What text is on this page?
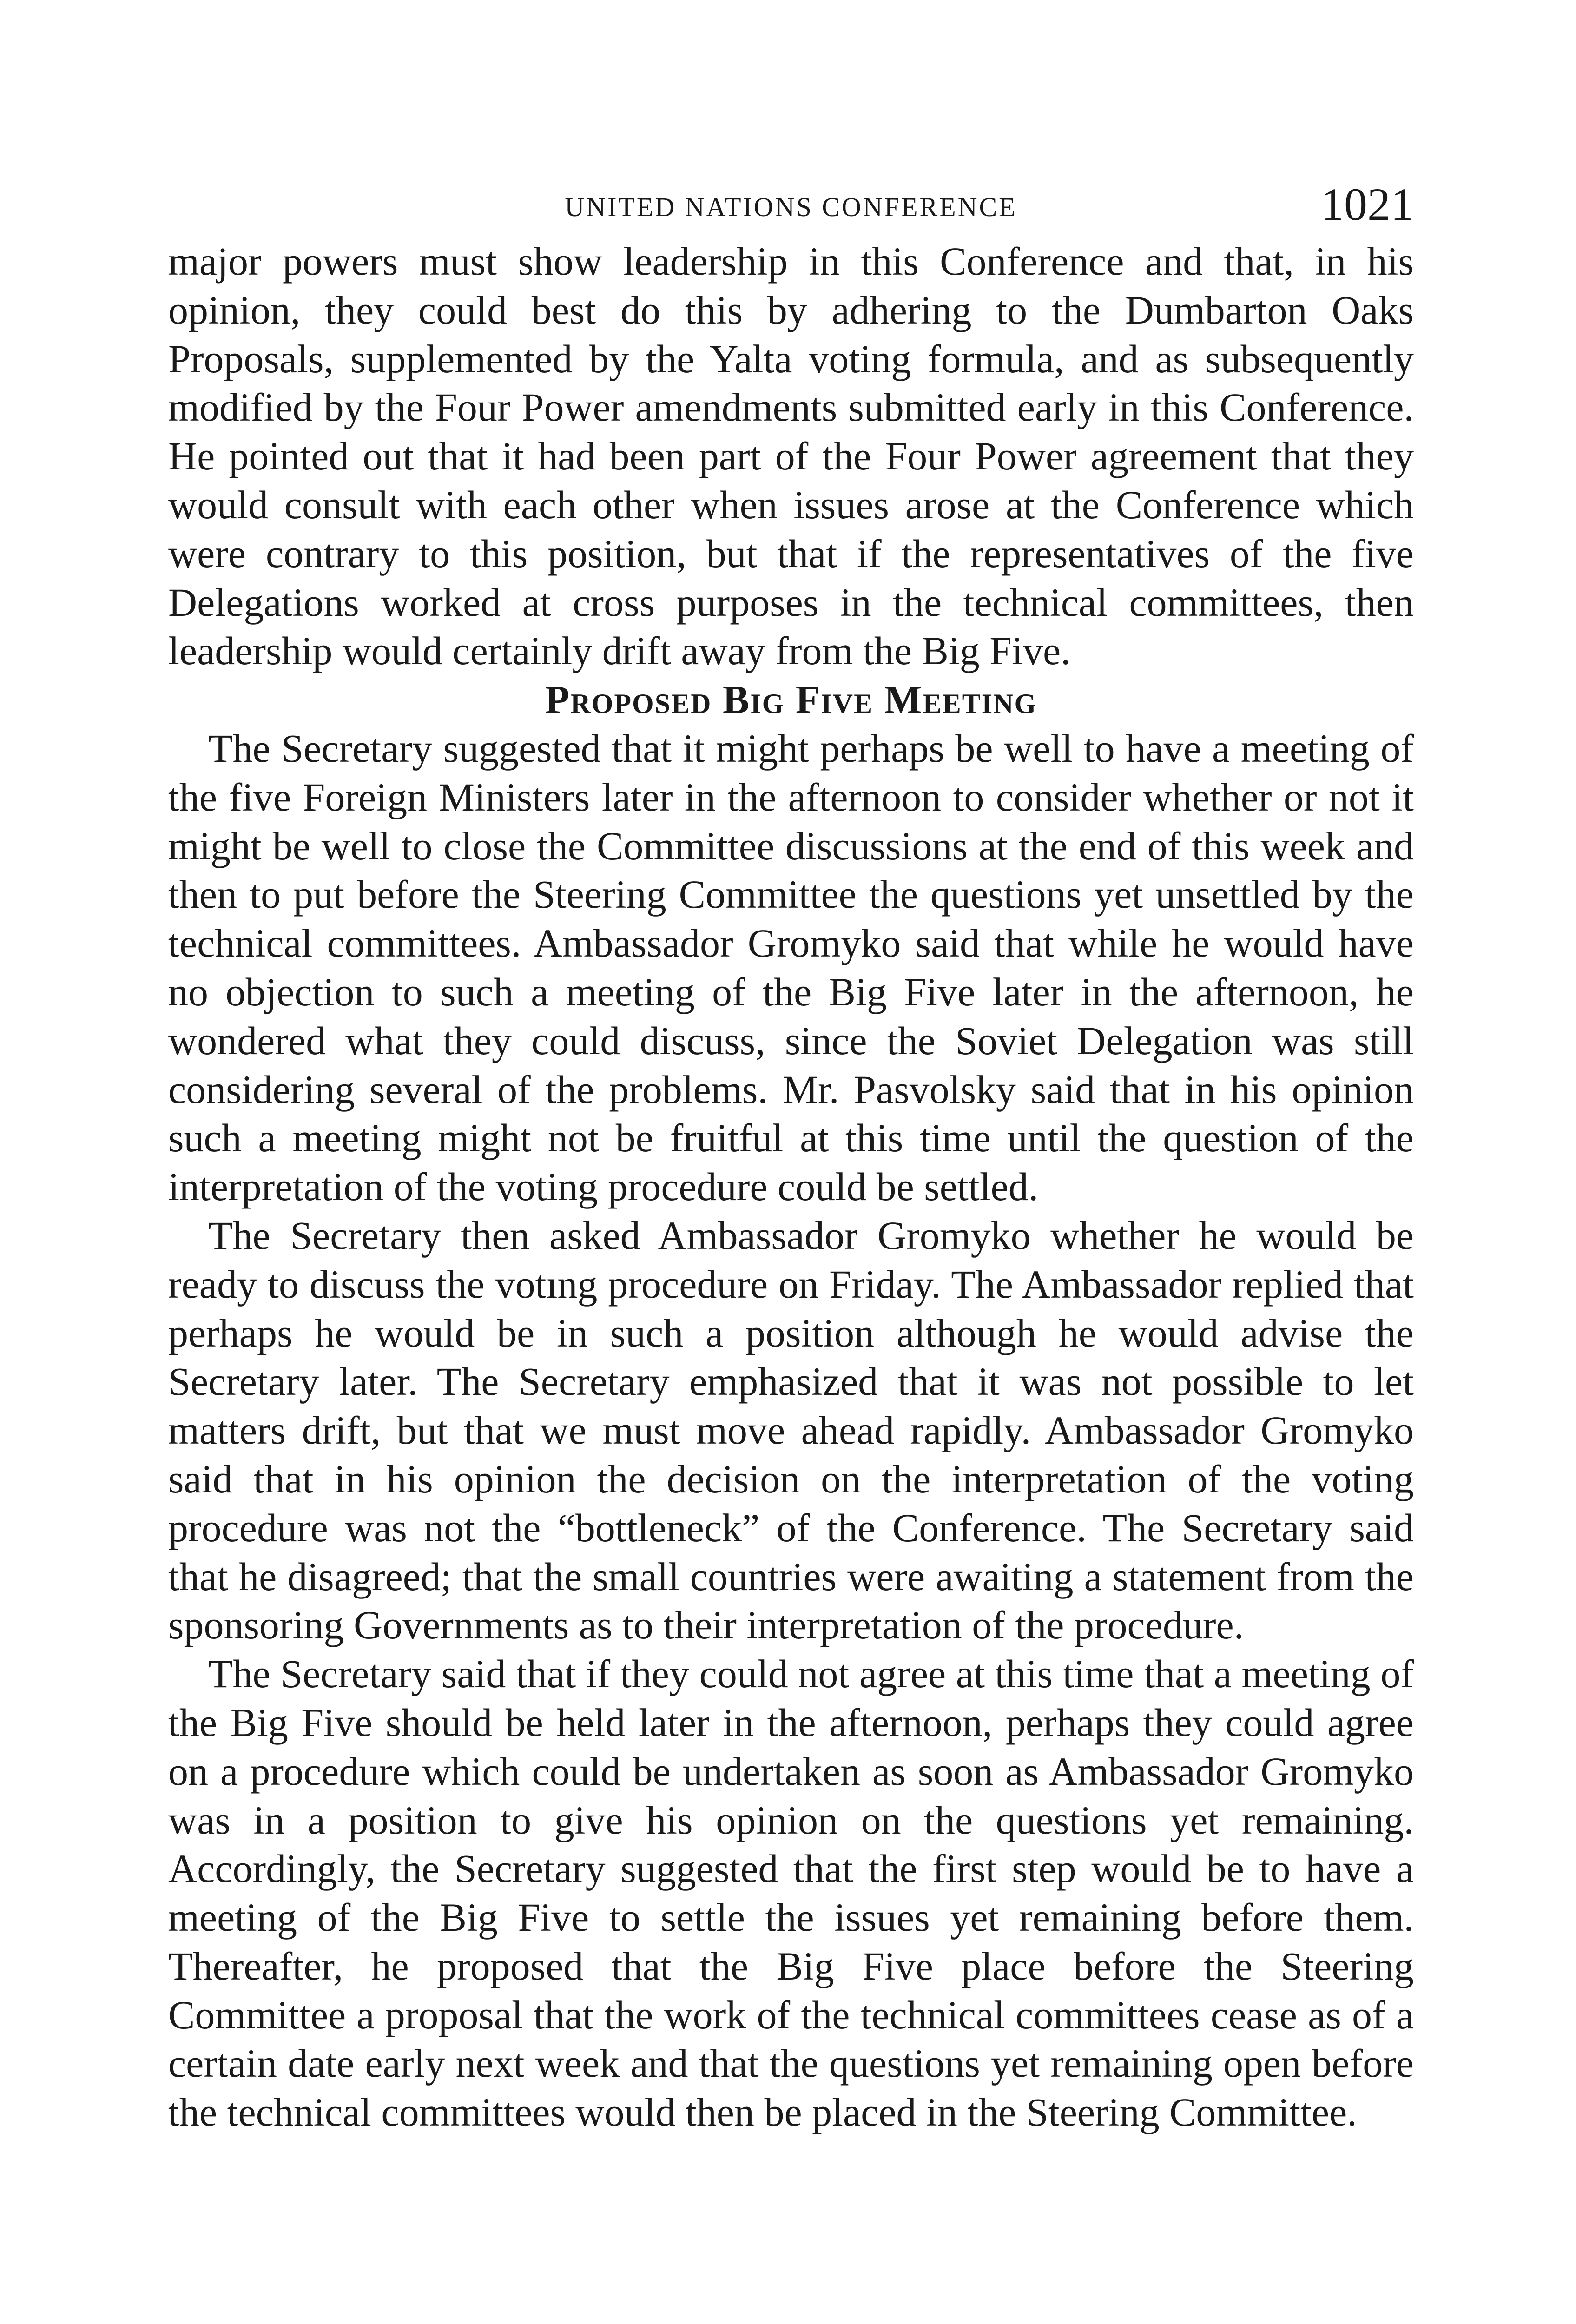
UNITED NATIONS CONFERENCE	1021

major powers must show leadership in this Conference and that, in his opinion, they could best do this by adhering to the Dumbarton Oaks Proposals, supplemented by the Yalta voting formula, and as subsequently modified by the Four Power amendments submitted early in this Conference. He pointed out that it had been part of the Four Power agreement that they would consult with each other when issues arose at the Conference which were contrary to this position, but that if the representatives of the five Delegations worked at cross purposes in the technical committees, then leadership would certainly drift away from the Big Five.

Proposed Big Five Meeting

The Secretary suggested that it might perhaps be well to have a meeting of the five Foreign Ministers later in the afternoon to consider whether or not it might be well to close the Committee discussions at the end of this week and then to put before the Steering Committee the questions yet unsettled by the technical committees. Ambassador Gromyko said that while he would have no objection to such a meeting of the Big Five later in the afternoon, he wondered what they could discuss, since the Soviet Delegation was still considering several of the problems. Mr. Pasvolsky said that in his opinion such a meeting might not be fruitful at this time until the question of the interpretation of the voting procedure could be settled.

The Secretary then asked Ambassador Gromyko whether he would be ready to discuss the votıng procedure on Friday. The Ambassador replied that perhaps he would be in such a position although he would advise the Secretary later. The Secretary emphasized that it was not possible to let matters drift, but that we must move ahead rapidly. Ambassador Gromyko said that in his opinion the decision on the interpretation of the voting procedure was not the “bottleneck” of the Conference. The Secretary said that he disagreed; that the small countries were awaiting a statement from the sponsoring Governments as to their interpretation of the procedure.

The Secretary said that if they could not agree at this time that a meeting of the Big Five should be held later in the afternoon, perhaps they could agree on a procedure which could be undertaken as soon as Ambassador Gromyko was in a position to give his opinion on the questions yet remaining. Accordingly, the Secretary suggested that the first step would be to have a meeting of the Big Five to settle the issues yet remaining before them. Thereafter, he proposed that the Big Five place before the Steering Committee a proposal that the work of the technical committees cease as of a certain date early next week and that the questions yet remaining open before the technical committees would then be placed in the Steering Committee.
